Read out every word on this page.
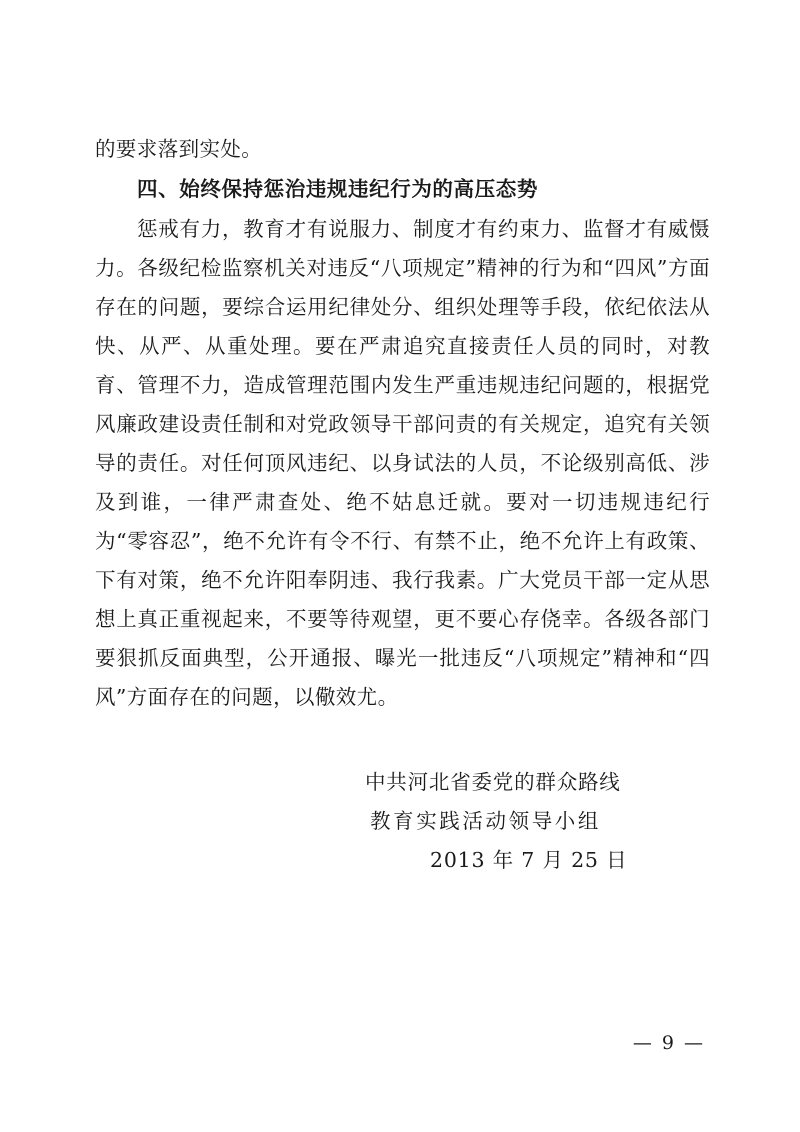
的要求落到实处。

四、始终保持惩治违规违纪行为的高压态势

惩戒有力，教育才有说服力、制度才有约束力、监督才有威慑力。各级纪检监察机关对违反“八项规定”精神的行为和“四风”方面存在的问题，要综合运用纪律处分、组织处理等手段，依纪依法从快、从严、从重处理。要在严肃追究直接责任人员的同时，对教育、管理不力，造成管理范围内发生严重违规违纪问题的，根据党风廉政建设责任制和对党政领导干部问责的有关规定，追究有关领导的责任。对任何顶风违纪、以身试法的人员，不论级别高低、涉及到谁，一律严肃查处、绝不姑息迁就。要对一切违规违纪行为“零容忍”，绝不允许有令不行、有禁不止，绝不允许上有政策、下有对策，绝不允许阳奉阴违、我行我素。广大党员干部一定从思想上真正重视起来，不要等待观望，更不要心存侥幸。各级各部门要狠抓反面典型，公开通报、曝光一批违反“八项规定”精神和“四风”方面存在的问题，以儆效尤。

中共河北省委党的群众路线

教育实践活动领导小组

2013 年 7 月 25 日

— 9 —
